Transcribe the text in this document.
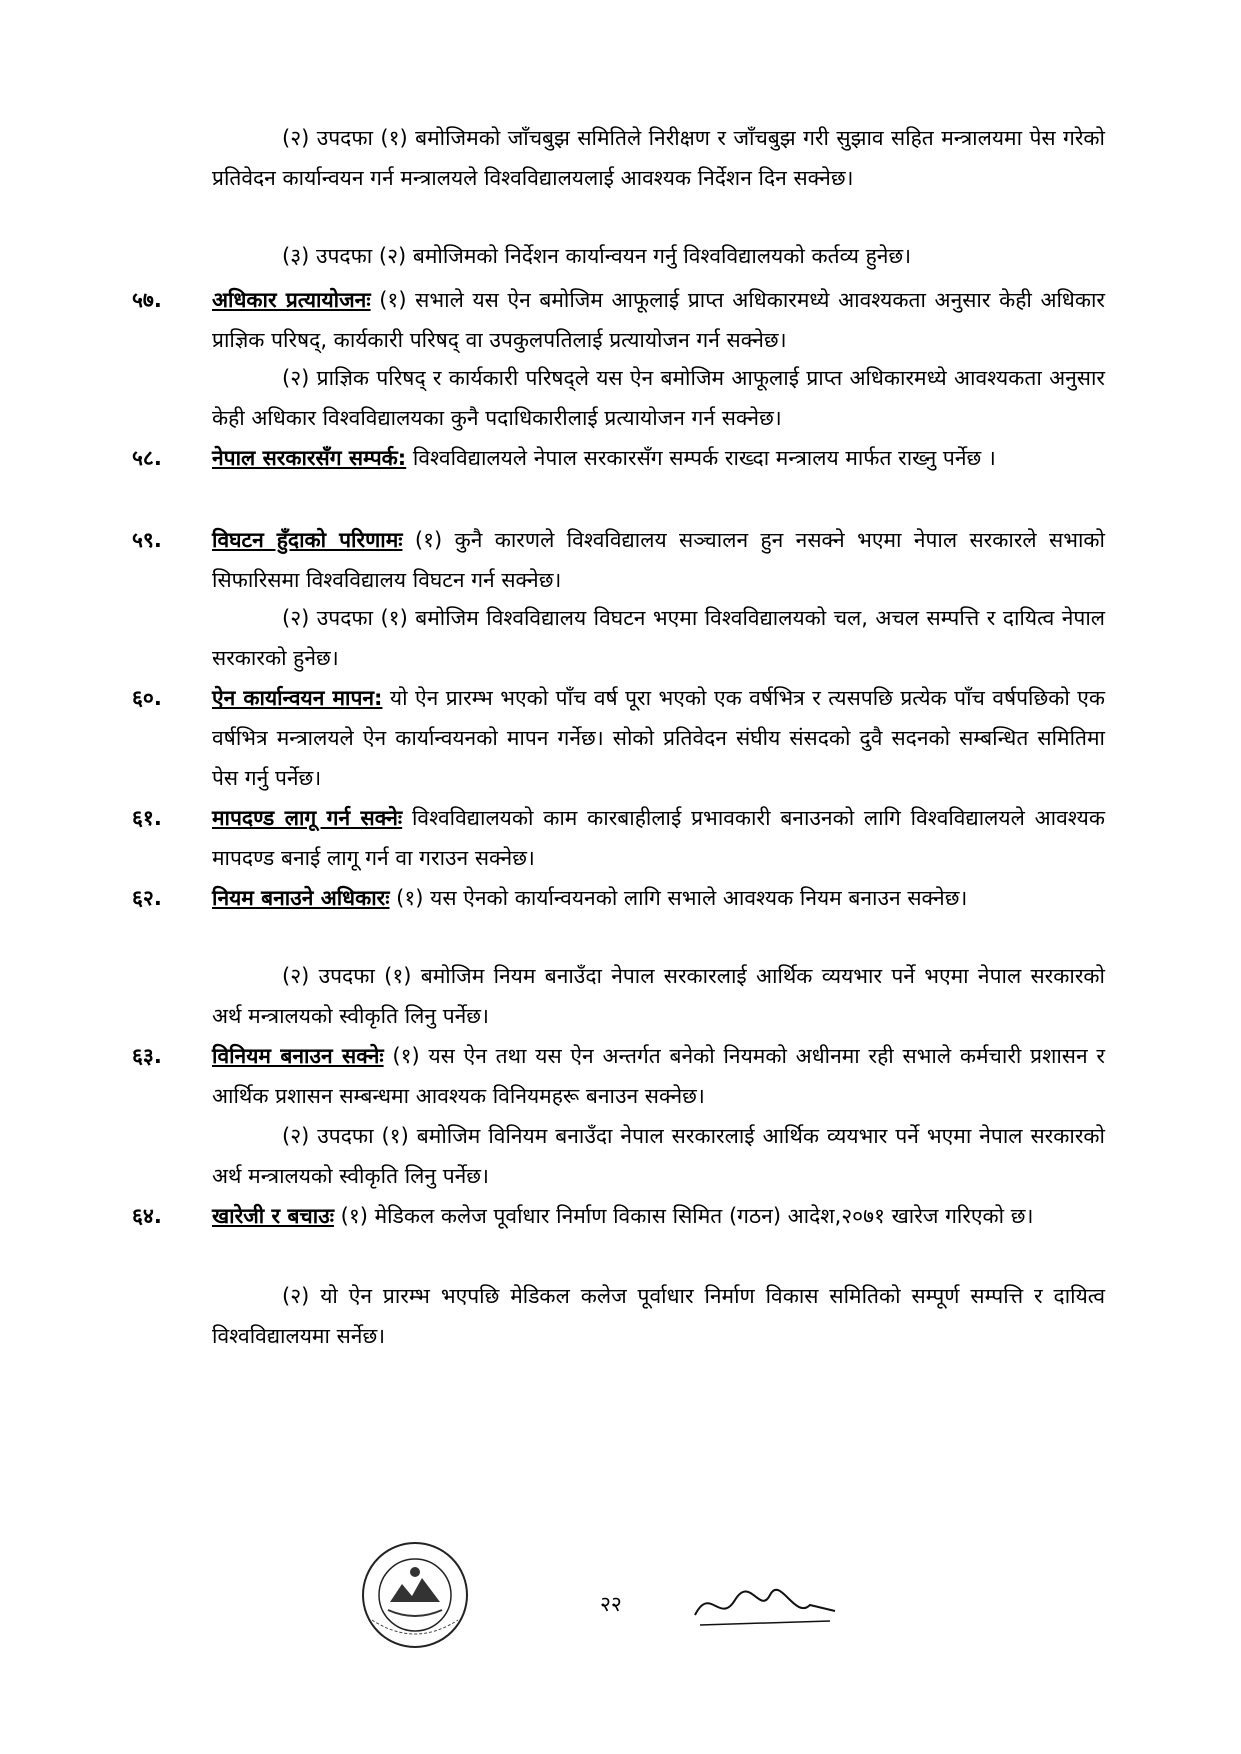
(२) उपदफा (१) बमोजिमको जाँचबुझ समितिले निरीक्षण र जाँचबुझ गरी सुझाव सहित मन्त्रालयमा पेस गरेको प्रतिवेदन कार्यान्वयन गर्न मन्त्रालयले विश्वविद्यालयलाई आवश्यक निर्देशन दिन सक्नेछ।

(३) उपदफा (२) बमोजिमको निर्देशन कार्यान्वयन गर्नु विश्वविद्यालयको कर्तव्य हुनेछ।

५७.	अधिकार प्रत्यायोजनः (१) सभाले यस ऐन बमोजिम आफूलाई प्राप्त अधिकारमध्ये आवश्यकता अनुसार केही अधिकार प्राज्ञिक परिषद्, कार्यकारी परिषद् वा उपकुलपतिलाई प्रत्यायोजन गर्न सक्नेछ।

(२) प्राज्ञिक परिषद् र कार्यकारी परिषद्ले यस ऐन बमोजिम आफूलाई प्राप्त अधिकारमध्ये आवश्यकता अनुसार केही अधिकार विश्वविद्यालयका कुनै पदाधिकारीलाई प्रत्यायोजन गर्न सक्नेछ।

५८.	नेपाल सरकारसँग सम्पर्क: विश्वविद्यालयले नेपाल सरकारसँग सम्पर्क राख्दा मन्त्रालय मार्फत राख्नु पर्नेछ ।

५९.	विघटन हुँदाको परिणामः (१) कुनै कारणले विश्वविद्यालय सञ्चालन हुन नसक्ने भएमा नेपाल सरकारले सभाको सिफारिसमा विश्वविद्यालय विघटन गर्न सक्नेछ।

(२) उपदफा (१) बमोजिम विश्वविद्यालय विघटन भएमा विश्वविद्यालयको चल, अचल सम्पत्ति र दायित्व नेपाल सरकारको हुनेछ।

६०.	ऐन कार्यान्वयन मापन: यो ऐन प्रारम्भ भएको पाँच वर्ष पूरा भएको एक वर्षभित्र र त्यसपछि प्रत्येक पाँच वर्षपछिको एक वर्षभित्र मन्त्रालयले ऐन कार्यान्वयनको मापन गर्नेछ। सोको प्रतिवेदन संघीय संसदको दुवै सदनको सम्बन्धित समितिमा पेस गर्नु पर्नेछ।

६१.	मापदण्ड लागू गर्न सक्नेः विश्वविद्यालयको काम कारबाहीलाई प्रभावकारी बनाउनको लागि विश्वविद्यालयले आवश्यक मापदण्ड बनाई लागू गर्न वा गराउन सक्नेछ।

६२.	नियम बनाउने अधिकारः (१) यस ऐनको कार्यान्वयनको लागि सभाले आवश्यक नियम बनाउन सक्नेछ।

(२) उपदफा (१) बमोजिम नियम बनाउँदा नेपाल सरकारलाई आर्थिक व्ययभार पर्ने भएमा नेपाल सरकारको अर्थ मन्त्रालयको स्वीकृति लिनु पर्नेछ।

६३.	विनियम बनाउन सक्नेः (१) यस ऐन तथा यस ऐन अन्तर्गत बनेको नियमको अधीनमा रही सभाले कर्मचारी प्रशासन र आर्थिक प्रशासन सम्बन्धमा आवश्यक विनियमहरू बनाउन सक्नेछ।

(२) उपदफा (१) बमोजिम विनियम बनाउँदा नेपाल सरकारलाई आर्थिक व्ययभार पर्ने भएमा नेपाल सरकारको अर्थ मन्त्रालयको स्वीकृति लिनु पर्नेछ।

६४.	खारेजी र बचाउः (१) मेडिकल कलेज पूर्वाधार निर्माण विकास सिमित (गठन) आदेश,२०७१ खारेज गरिएको छ।

(२) यो ऐन प्रारम्भ भएपछि मेडिकल कलेज पूर्वाधार निर्माण विकास समितिको सम्पूर्ण सम्पत्ति र दायित्व विश्वविद्यालयमा सर्नेछ।

२२
